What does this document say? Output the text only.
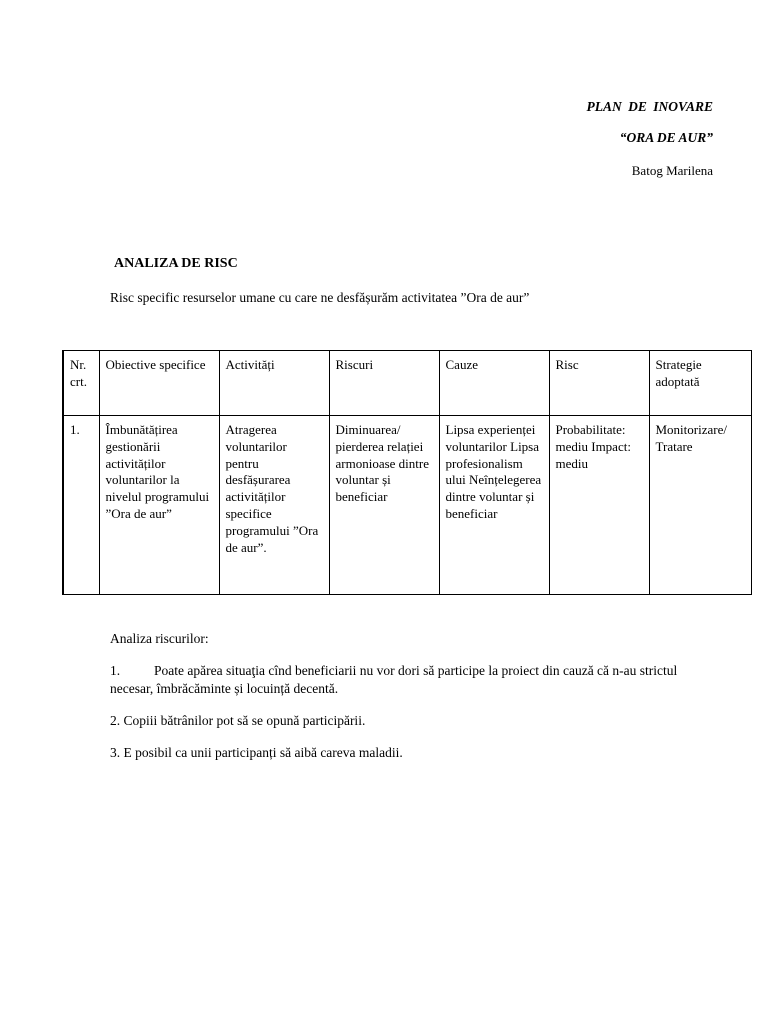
PLAN DE INOVARE
“ORA DE AUR”
Batog Marilena
ANALIZA DE RISC
Risc specific resurselor umane cu care ne desfășurăm activitatea ”Ora de aur”
Nr. crt.	Obiective specifice	Activități	Riscuri	Cauze	Risc	Strategie adoptată
1.	Îmbunătățirea gestionării activităților voluntarilor la nivelul programului ”Ora de aur”	Atragerea voluntarilor pentru desfășurarea activităților specifice programului ”Ora de aur”.	Diminuarea/ pierderea relației armonioase dintre voluntar și beneficiar	Lipsa experienței voluntarilor Lipsa profesionalism ului Neînțelegerea dintre voluntar și beneficiar	Probabilitate: mediu Impact: mediu	Monitorizare/ Tratare

Analiza riscurilor:

1.	Poate apărea situaţia cînd beneficiarii nu vor dori să participe la proiect din cauză că n-au strictul necesar, îmbrăcăminte și locuință decentă.

2. Copiii bătrânilor pot să se opună participării.

3. E posibil ca unii participanți să aibă careva maladii.
